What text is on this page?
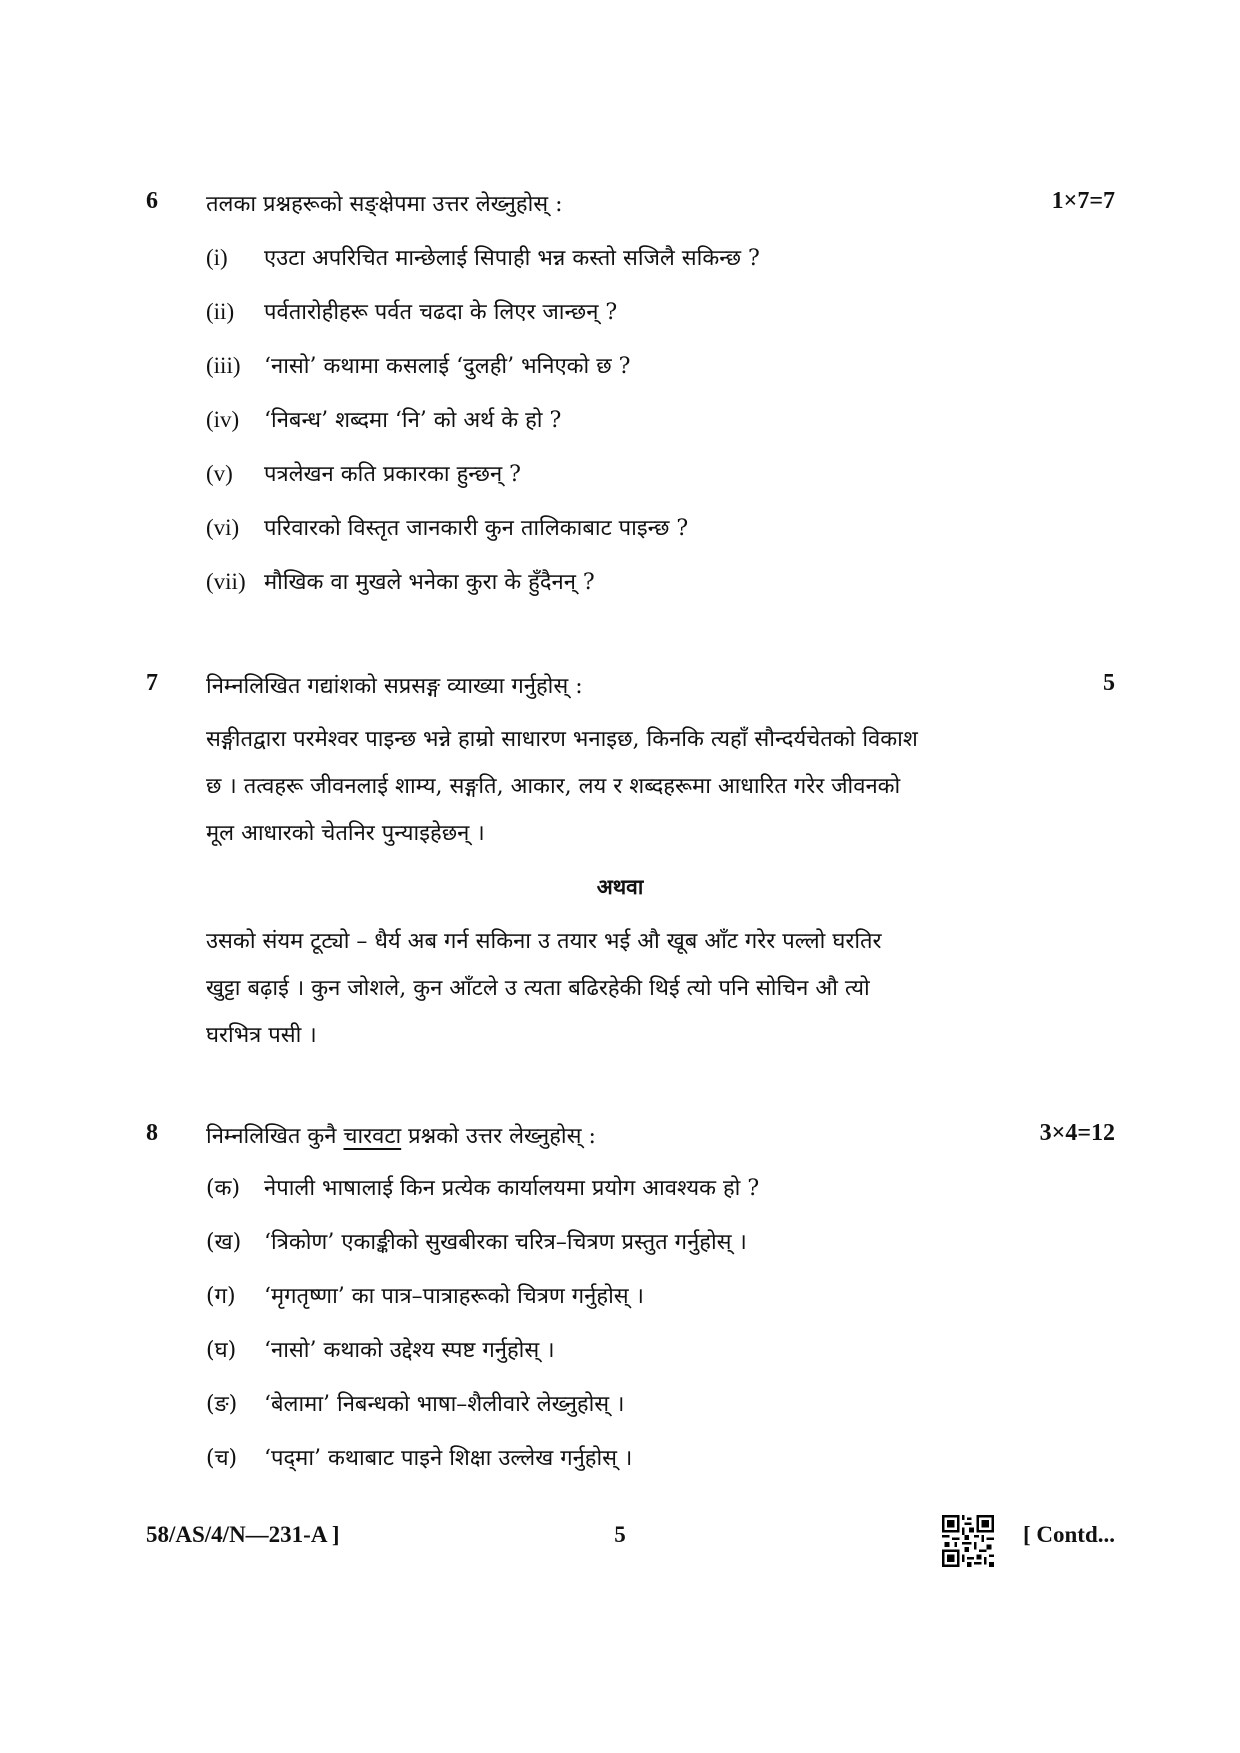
6 तलका प्रश्नहरूको सङ्क्षेपमा उत्तर लेख्नुहोस् :	1×7=7
(i) एउटा अपरिचित मान्छेलाई सिपाही भन्न कस्तो सजिलै सकिन्छ ?
(ii) पर्वतारोहीहरू पर्वत चढदा के लिएर जान्छन् ?
(iii) ‘नासो’ कथामा कसलाई ‘दुलही’ भनिएको छ ?
(iv) ‘निबन्ध’ शब्दमा ‘नि’ को अर्थ के हो ?
(v) पत्रलेखन कति प्रकारका हुन्छन् ?
(vi) परिवारको विस्तृत जानकारी कुन तालिकाबाट पाइन्छ ?
(vii) मौखिक वा मुखले भनेका कुरा के हुँदैनन् ?
7 निम्नलिखित गद्यांशको सप्रसङ्ग व्याख्या गर्नुहोस् :	5
सङ्गीतद्वारा परमेश्वर पाइन्छ भन्ने हाम्रो साधारण भनाइछ, किनकि त्यहाँ सौन्दर्यचेतको विकाश
छ । तत्वहरू जीवनलाई शाम्य, सङ्गति, आकार, लय र शब्दहरूमा आधारित गरेर जीवनको
मूल आधारको चेतनिर पुन्याइहेछन् ।
अथवा
उसको संयम टूट्यो – धैर्य अब गर्न सकिना उ तयार भई औ खूब आँट गरेर पल्लो घरतिर
खुट्टा बढ़ाई । कुन जोशले, कुन आँटले उ त्यता बढिरहेकी थिई त्यो पनि सोचिन औ त्यो
घरभित्र पसी ।
8 निम्नलिखित कुनै चारवटा प्रश्नको उत्तर लेख्नुहोस् :	3×4=12
(क) नेपाली भाषालाई किन प्रत्येक कार्यालयमा प्रयोग आवश्यक हो ?
(ख) ‘त्रिकोण’ एकाङ्कीको सुखबीरका चरित्र–चित्रण प्रस्तुत गर्नुहोस् ।
(ग) ‘मृगतृष्णा’ का पात्र–पात्राहरूको चित्रण गर्नुहोस् ।
(घ) ‘नासो’ कथाको उद्देश्य स्पष्ट गर्नुहोस् ।
(ङ) ‘बेलामा’ निबन्धको भाषा–शैलीवारे लेख्नुहोस् ।
(च) ‘पद्‌मा’ कथाबाट पाइने शिक्षा उल्लेख गर्नुहोस् ।
58/AS/4/N—231-A ]	5	[ Contd...
